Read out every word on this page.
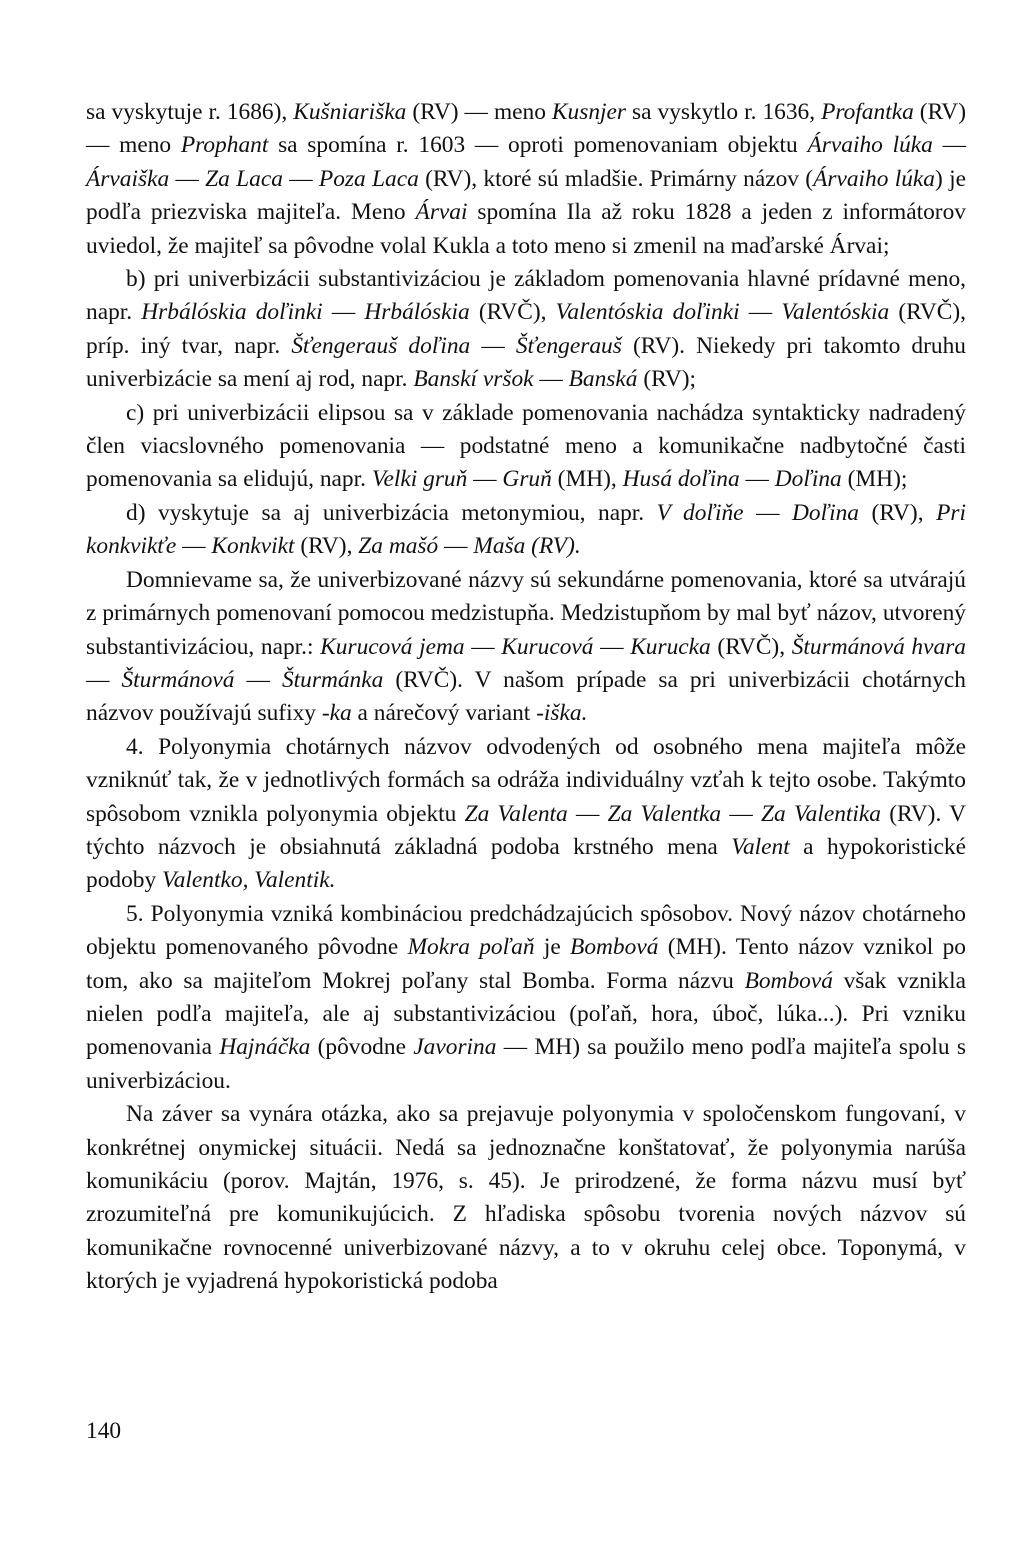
sa vyskytuje r. 1686), Kušniariška (RV) — meno Kusnjer sa vyskytlo r. 1636, Profantka (RV) — meno Prophant sa spomína r. 1603 — oproti pomenovaniam objektu Árvaiho lúka — Árvaiška — Za Laca — Poza Laca (RV), ktoré sú mladšie. Primárny názov (Árvaiho lúka) je podľa priezviska majiteľa. Meno Árvai spomína Ila až roku 1828 a jeden z informátorov uviedol, že majiteľ sa pôvodne volal Kukla a toto meno si zmenil na maďarské Árvai;

b) pri univerbizácii substantivizáciou je základom pomenovania hlavné prídavné meno, napr. Hrbálóskia doľinki — Hrbálóskia (RVČ), Valentóskia doľinki — Valentóskia (RVČ), príp. iný tvar, napr. Šťengerauš doľina — Šťengerauš (RV). Niekedy pri takomto druhu univerbizácie sa mení aj rod, napr. Banskí vršok — Banská (RV);

c) pri univerbizácii elipsou sa v základe pomenovania nachádza syntakticky nadradený člen viacslovného pomenovania — podstatné meno a komunikačne nadbytočné časti pomenovania sa elidujú, napr. Velki gruň — Gruň (MH), Husá doľina — Doľina (MH);

d) vyskytuje sa aj univerbizácia metonymiou, napr. V doľiňe — Doľina (RV), Pri konkvikťe — Konkvikt (RV), Za mašó — Maša (RV).

Domnievame sa, že univerbizované názvy sú sekundárne pomenovania, ktoré sa utvárajú z primárnych pomenovaní pomocou medzistupňa. Medzistupňom by mal byť názov, utvorený substantivizáciou, napr.: Kurucová jema — Kurucová — Kurucka (RVČ), Šturmánová hvara — Šturmánová — Šturmánka (RVČ). V našom prípade sa pri univerbizácii chotárnych názvov používajú sufixy -ka a nárečový variant -iška.

4. Polyonymia chotárnych názvov odvodených od osobného mena majiteľa môže vzniknúť tak, že v jednotlivých formách sa odráža individuálny vzťah k tejto osobe. Takýmto spôsobom vznikla polyonymia objektu Za Valenta — Za Valentka — Za Valentika (RV). V týchto názvoch je obsiahnutá základná podoba krstného mena Valent a hypokoristické podoby Valentko, Valentik.

5. Polyonymia vzniká kombináciou predchádzajúcich spôsobov. Nový názov chotárneho objektu pomenovaného pôvodne Mokra poľaň je Bombová (MH). Tento názov vznikol po tom, ako sa majiteľom Mokrej poľany stal Bomba. Forma názvu Bombová však vznikla nielen podľa majiteľa, ale aj substantivizáciou (poľaň, hora, úboč, lúka...). Pri vzniku pomenovania Hajnáčka (pôvodne Javorina — MH) sa použilo meno podľa majiteľa spolu s univerbizáciou.

Na záver sa vynára otázka, ako sa prejavuje polyonymia v spoločenskom fungovaní, v konkrétnej onymickej situácii. Nedá sa jednoznačne konštatovať, že polyonymia narúša komunikáciu (porov. Majtán, 1976, s. 45). Je prirodzené, že forma názvu musí byť zrozumiteľná pre komunikujúcich. Z hľadiska spôsobu tvorenia nových názvov sú komunikačne rovnocenné univerbizované názvy, a to v okruhu celej obce. Toponymá, v ktorých je vyjadrená hypokoristická podoba

140
